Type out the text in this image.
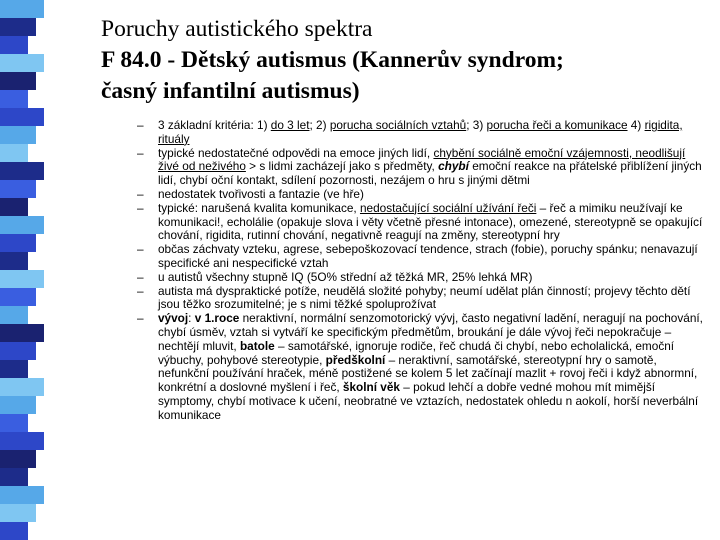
Poruchy autistického spektra
F 84.0 - Dětský autismus (Kannerův syndrom;
časný infantilní autismus)
– 3 základní kritéria: 1) do 3 let; 2) porucha sociálních vztahů; 3) porucha řeči a komunikace 4) rigidita, rituály
– typické nedostatečné odpovědi na emoce jiných lidí, chybění sociálně emoční vzájemnosti, neodlišují živé od neživého > s lidmi zacházejí jako s předměty, chybí emoční reakce na přátelské přiblížení jiných lidí, chybí oční kontakt, sdílení pozornosti, nezájem o hru s jinými dětmi
– nedostatek tvořivosti a fantazie (ve hře)
– typické: narušená kvalita komunikace, nedostačující sociální užívání řeči – řeč a mimiku neužívají ke komunikaci!, echolálie (opakuje slova i věty včetně přesné intonace), omezené, stereotypně se opakující chování, rigidita, rutinní chování, negativně reagují na změny, stereotypní hry
– občas záchvaty vzteku, agrese, sebepoškozovací tendence, strach (fobie), poruchy spánku; nenavazují specifické ani nespecifické vztah
– u autistů všechny stupně IQ (5O% střední až těžká MR, 25% lehká MR)
– autista má dyspraktické potíže, neudělá složité pohyby; neumí udělat plán činností; projevy těchto dětí jsou těžko srozumitelné; je s nimi těžké spoluprožívat
– vývoj: v 1.roce neraktivní, normální senzomotorický vývj, často negativní ladění, neragují na pochování, chybí úsměv, vztah si vytváří ke specifickým předmětům, broukání je dále vývoj řeči nepokračuje – nechtějí mluvit, batole – samotářské, ignoruje rodiče, řeč chudá či chybí, nebo echolalická, emoční výbuchy, pohybové stereotypie, předškolní – neraktivní, samotářské, stereotypní hry o samotě, nefunkční používání hraček, méně postižené se kolem 5 let začínají mazlit + rovoj řeči i když abnormní, konkrétní a doslovné myšlení i řeč, školní věk – pokud lehčí a dobře vedné mohou mít mimější symptomy, chybí motivace k učení, neobratné ve vztazích, nedostatek ohledu n aokolí, horší neverbální komunikace
